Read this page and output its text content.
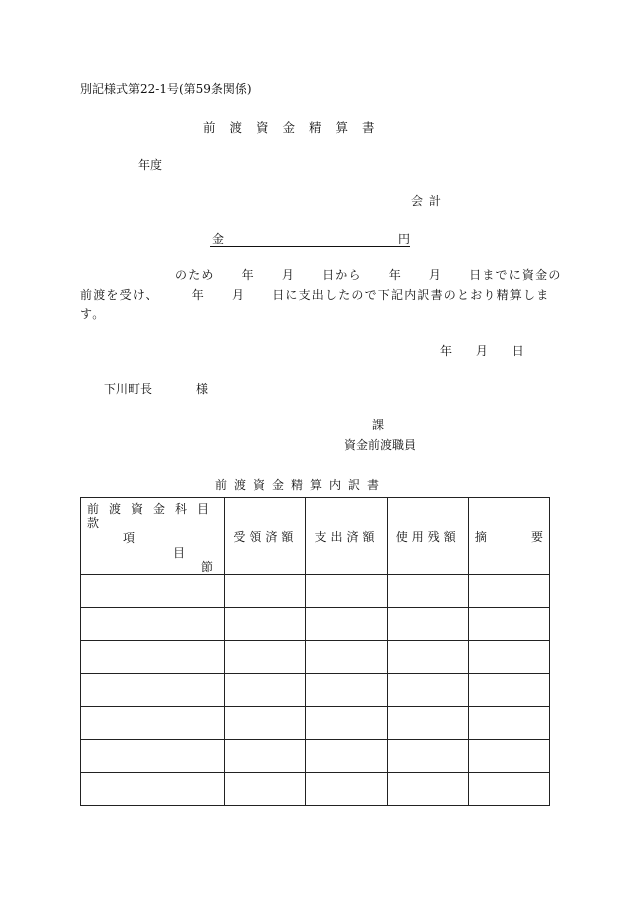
別記様式第22-1号(第59条関係)
前渡資金精算書
年度
会計
金	円
のため 年 月 日から 年 月 日までに資金の
前渡を受け、	年 月 日に支出したので下記内訳書のとおり精算しま
す。
年 月 日
下川町長	様
課
資金前渡職員
前渡資金精算内訳書
前渡資金科目
款
項
目
節	受領済額	支出済額	使用残額	摘 要
